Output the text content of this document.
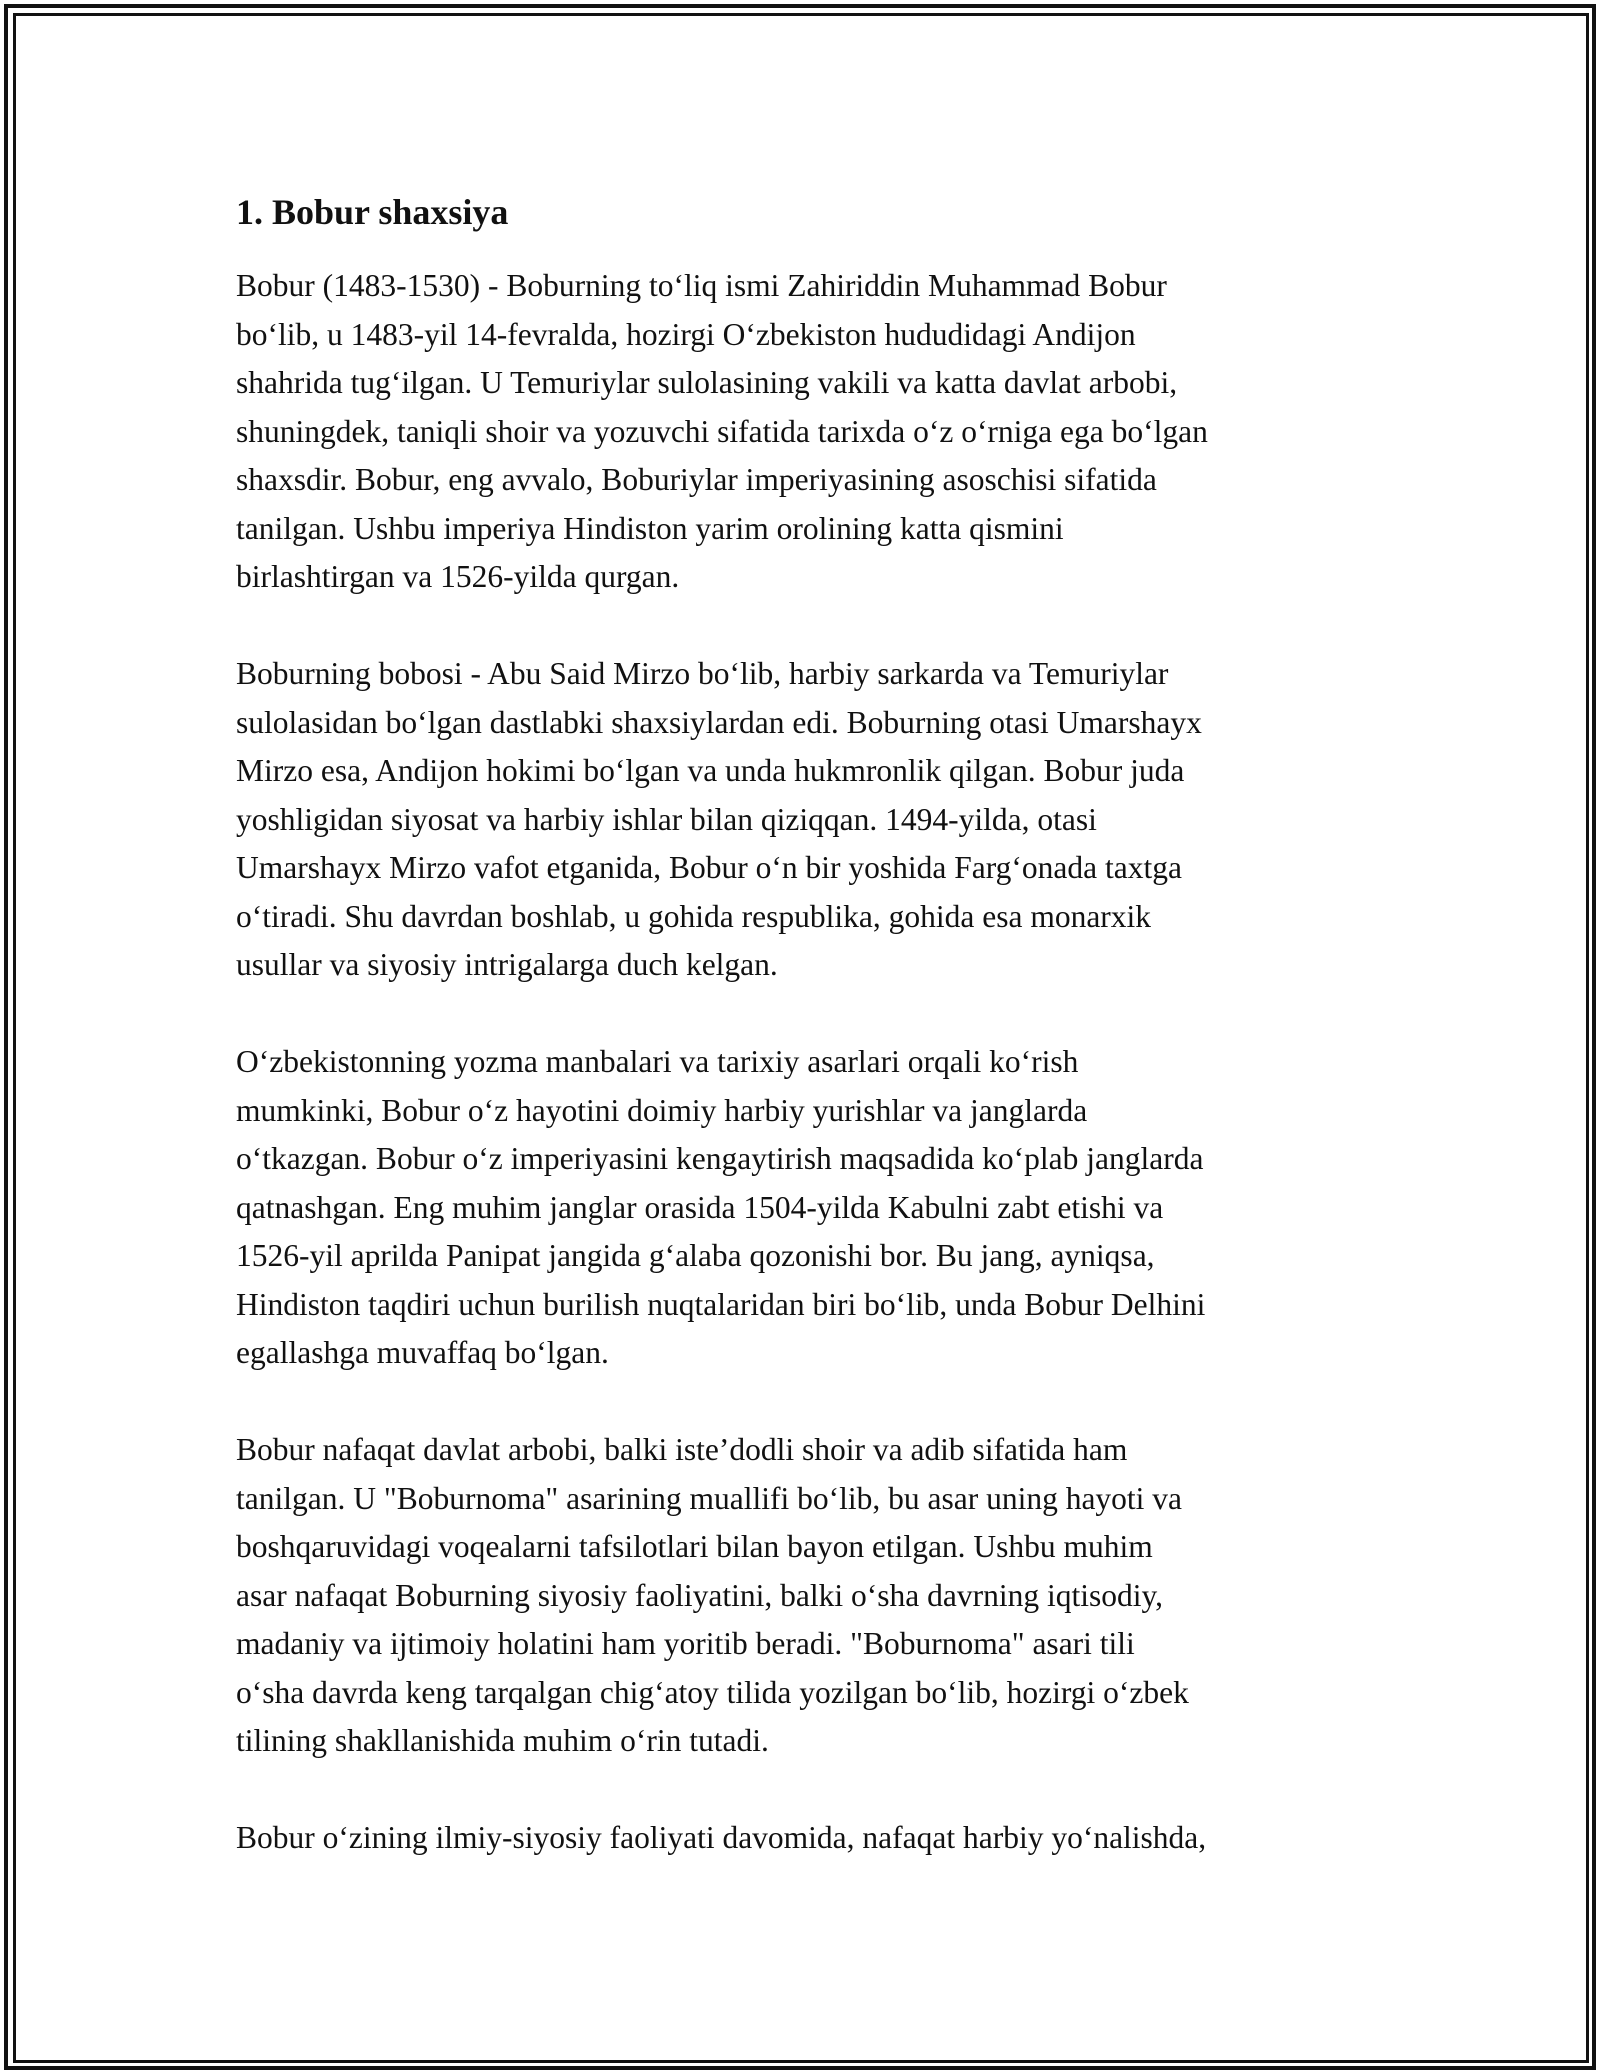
1. Bobur shaxsiya

Bobur (1483-1530) - Boburning to‘liq ismi Zahiriddin Muhammad Bobur
bo‘lib, u 1483-yil 14-fevralda, hozirgi O‘zbekiston hududidagi Andijon
shahrida tug‘ilgan. U Temuriylar sulolasining vakili va katta davlat arbobi,
shuningdek, taniqli shoir va yozuvchi sifatida tarixda o‘z o‘rniga ega bo‘lgan
shaxsdir. Bobur, eng avvalo, Boburiylar imperiyasining asoschisi sifatida
tanilgan. Ushbu imperiya Hindiston yarim orolining katta qismini
birlashtirgan va 1526-yilda qurgan.

Boburning bobosi - Abu Said Mirzo bo‘lib, harbiy sarkarda va Temuriylar
sulolasidan bo‘lgan dastlabki shaxsiylardan edi. Boburning otasi Umarshayx
Mirzo esa, Andijon hokimi bo‘lgan va unda hukmronlik qilgan. Bobur juda
yoshligidan siyosat va harbiy ishlar bilan qiziqqan. 1494-yilda, otasi
Umarshayx Mirzo vafot etganida, Bobur o‘n bir yoshida Farg‘onada taxtga
o‘tiradi. Shu davrdan boshlab, u gohida respublika, gohida esa monarxik
usullar va siyosiy intrigalarga duch kelgan.

O‘zbekistonning yozma manbalari va tarixiy asarlari orqali ko‘rish
mumkinki, Bobur o‘z hayotini doimiy harbiy yurishlar va janglarda
o‘tkazgan. Bobur o‘z imperiyasini kengaytirish maqsadida ko‘plab janglarda
qatnashgan. Eng muhim janglar orasida 1504-yilda Kabulni zabt etishi va
1526-yil aprilda Panipat jangida g‘alaba qozonishi bor. Bu jang, ayniqsa,
Hindiston taqdiri uchun burilish nuqtalaridan biri bo‘lib, unda Bobur Delhini
egallashga muvaffaq bo‘lgan.

Bobur nafaqat davlat arbobi, balki iste’dodli shoir va adib sifatida ham
tanilgan. U "Boburnoma" asarining muallifi bo‘lib, bu asar uning hayoti va
boshqaruvidagi voqealarni tafsilotlari bilan bayon etilgan. Ushbu muhim
asar nafaqat Boburning siyosiy faoliyatini, balki o‘sha davrning iqtisodiy,
madaniy va ijtimoiy holatini ham yoritib beradi. "Boburnoma" asari tili
o‘sha davrda keng tarqalgan chig‘atoy tilida yozilgan bo‘lib, hozirgi o‘zbek
tilining shakllanishida muhim o‘rin tutadi.

Bobur o‘zining ilmiy-siyosiy faoliyati davomida, nafaqat harbiy yo‘nalishda,
